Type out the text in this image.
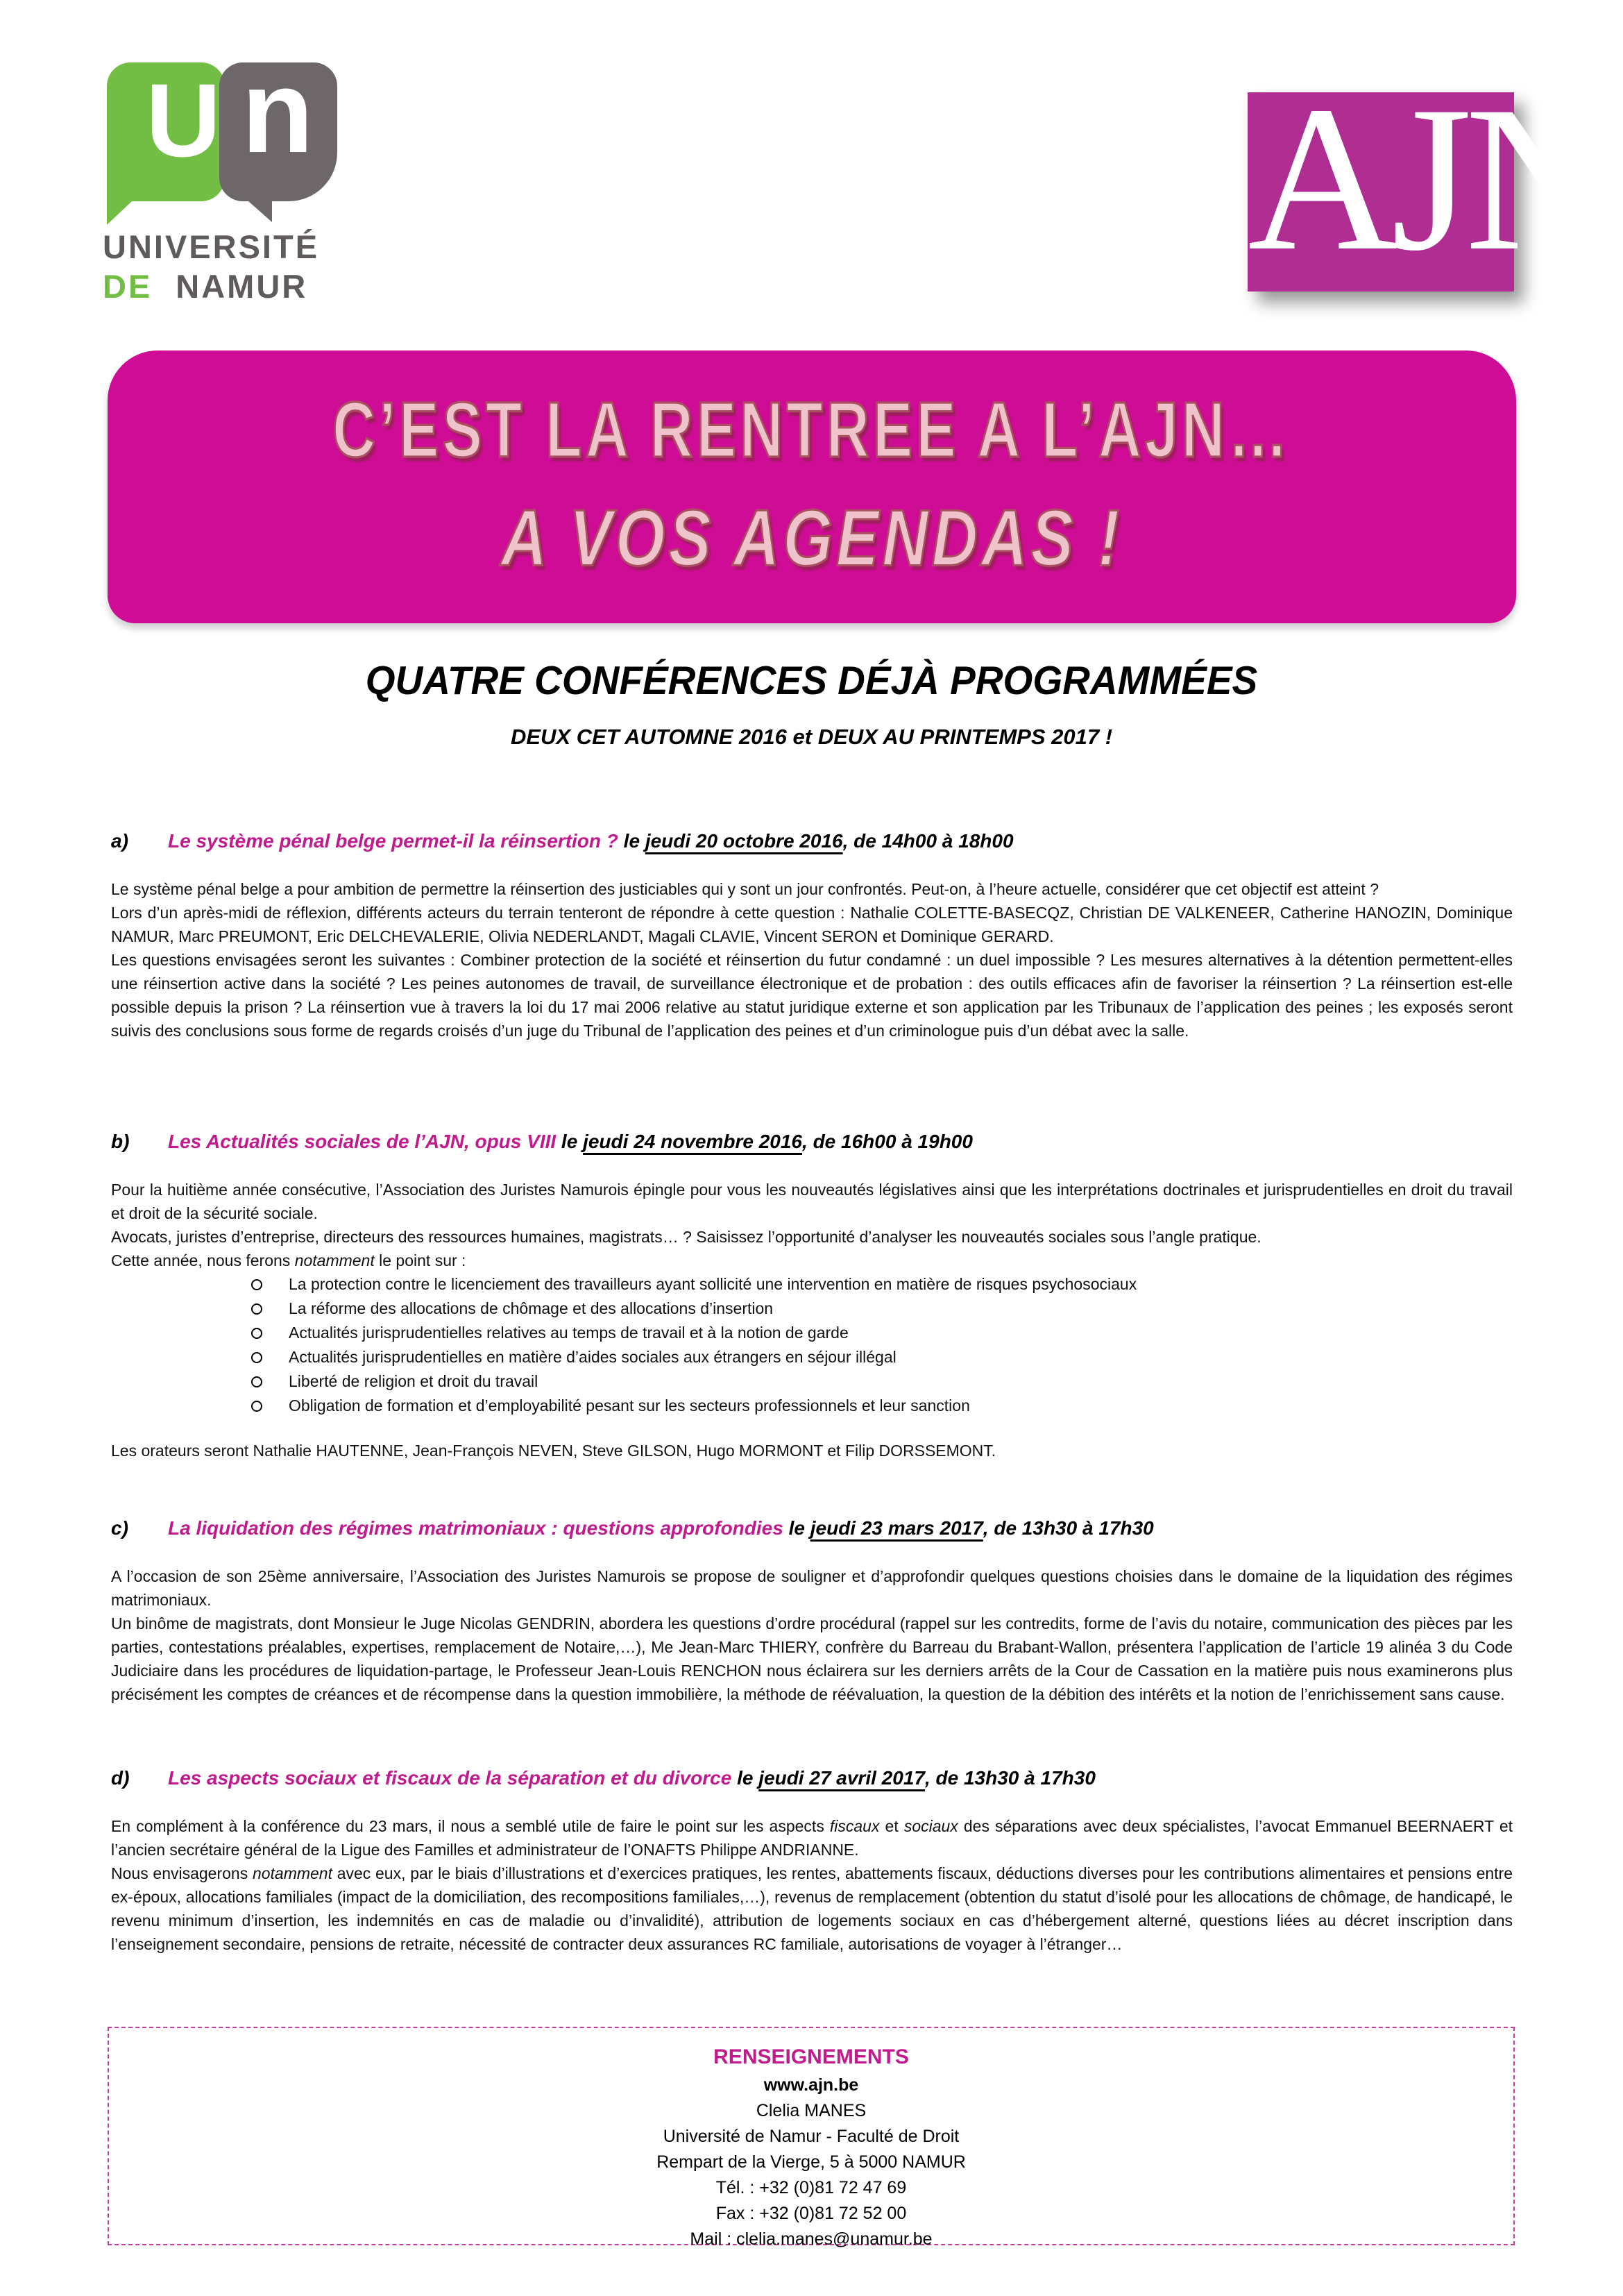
U n
UNIVERSITÉ
DE NAMUR	AJN
C’EST LA RENTREE A L’AJN…
A VOS AGENDAS !
QUATRE CONFÉRENCES DÉJÀ PROGRAMMÉES
DEUX CET AUTOMNE 2016 et DEUX AU PRINTEMPS 2017 !
a)	Le système pénal belge permet-il la réinsertion ? le jeudi 20 octobre 2016, de 14h00 à 18h00

Le système pénal belge a pour ambition de permettre la réinsertion des justiciables qui y sont un jour confrontés. Peut-on, à l’heure actuelle, considérer que cet objectif est atteint ?

Lors d’un après-midi de réflexion, différents acteurs du terrain tenteront de répondre à cette question : Nathalie COLETTE-BASECQZ, Christian DE VALKENEER, Catherine HANOZIN, Dominique NAMUR, Marc PREUMONT, Eric DELCHEVALERIE, Olivia NEDERLANDT, Magali CLAVIE, Vincent SERON et Dominique GERARD.

Les questions envisagées seront les suivantes : Combiner protection de la société et réinsertion du futur condamné : un duel impossible ? Les mesures alternatives à la détention permettent-elles une réinsertion active dans la société ? Les peines autonomes de travail, de surveillance électronique et de probation : des outils efficaces afin de favoriser la réinsertion ? La réinsertion est-elle possible depuis la prison ? La réinsertion vue à travers la loi du 17 mai 2006 relative au statut juridique externe et son application par les Tribunaux de l’application des peines ; les exposés seront suivis des conclusions sous forme de regards croisés d’un juge du Tribunal de l’application des peines et d’un criminologue puis d’un débat avec la salle.

b)	Les Actualités sociales de l’AJN, opus VIII le jeudi 24 novembre 2016, de 16h00 à 19h00

Pour la huitième année consécutive, l’Association des Juristes Namurois épingle pour vous les nouveautés législatives ainsi que les interprétations doctrinales et jurisprudentielles en droit du travail et droit de la sécurité sociale.

Avocats, juristes d’entreprise, directeurs des ressources humaines, magistrats… ? Saisissez l’opportunité d’analyser les nouveautés sociales sous l’angle pratique.

Cette année, nous ferons notamment le point sur :

La protection contre le licenciement des travailleurs ayant sollicité une intervention en matière de risques psychosociaux
La réforme des allocations de chômage et des allocations d’insertion
Actualités jurisprudentielles relatives au temps de travail et à la notion de garde
Actualités jurisprudentielles en matière d’aides sociales aux étrangers en séjour illégal
Liberté de religion et droit du travail
Obligation de formation et d’employabilité pesant sur les secteurs professionnels et leur sanction

Les orateurs seront Nathalie HAUTENNE, Jean-François NEVEN, Steve GILSON, Hugo MORMONT et Filip DORSSEMONT.

c)	La liquidation des régimes matrimoniaux : questions approfondies le jeudi 23 mars 2017, de 13h30 à 17h30

A l’occasion de son 25ème anniversaire, l’Association des Juristes Namurois se propose de souligner et d’approfondir quelques questions choisies dans le domaine de la liquidation des régimes matrimoniaux.

Un binôme de magistrats, dont Monsieur le Juge Nicolas GENDRIN, abordera les questions d’ordre procédural (rappel sur les contredits, forme de l’avis du notaire, communication des pièces par les parties, contestations préalables, expertises, remplacement de Notaire,…), Me Jean-Marc THIERY, confrère du Barreau du Brabant-Wallon, présentera l’application de l’article 19 alinéa 3 du Code Judiciaire dans les procédures de liquidation-partage, le Professeur Jean-Louis RENCHON nous éclairera sur les derniers arrêts de la Cour de Cassation en la matière puis nous examinerons plus précisément les comptes de créances et de récompense dans la question immobilière, la méthode de réévaluation, la question de la débition des intérêts et la notion de l’enrichissement sans cause.

d)	Les aspects sociaux et fiscaux de la séparation et du divorce le jeudi 27 avril 2017, de 13h30 à 17h30

En complément à la conférence du 23 mars, il nous a semblé utile de faire le point sur les aspects fiscaux et sociaux des séparations avec deux spécialistes, l’avocat Emmanuel BEERNAERT et l’ancien secrétaire général de la Ligue des Familles et administrateur de l’ONAFTS Philippe ANDRIANNE.

Nous envisagerons notamment avec eux, par le biais d’illustrations et d’exercices pratiques, les rentes, abattements fiscaux, déductions diverses pour les contributions alimentaires et pensions entre ex-époux, allocations familiales (impact de la domiciliation, des recompositions familiales,…), revenus de remplacement (obtention du statut d’isolé pour les allocations de chômage, de handicapé, le revenu minimum d’insertion, les indemnités en cas de maladie ou d’invalidité), attribution de logements sociaux en cas d’hébergement alterné, questions liées au décret inscription dans l’enseignement secondaire, pensions de retraite, nécessité de contracter deux assurances RC familiale, autorisations de voyager à l’étranger…

RENSEIGNEMENTS
www.ajn.be
Clelia MANES
Université de Namur - Faculté de Droit
Rempart de la Vierge, 5 à 5000 NAMUR
Tél. : +32 (0)81 72 47 69
Fax : +32 (0)81 72 52 00
Mail : clelia.manes@unamur.be
